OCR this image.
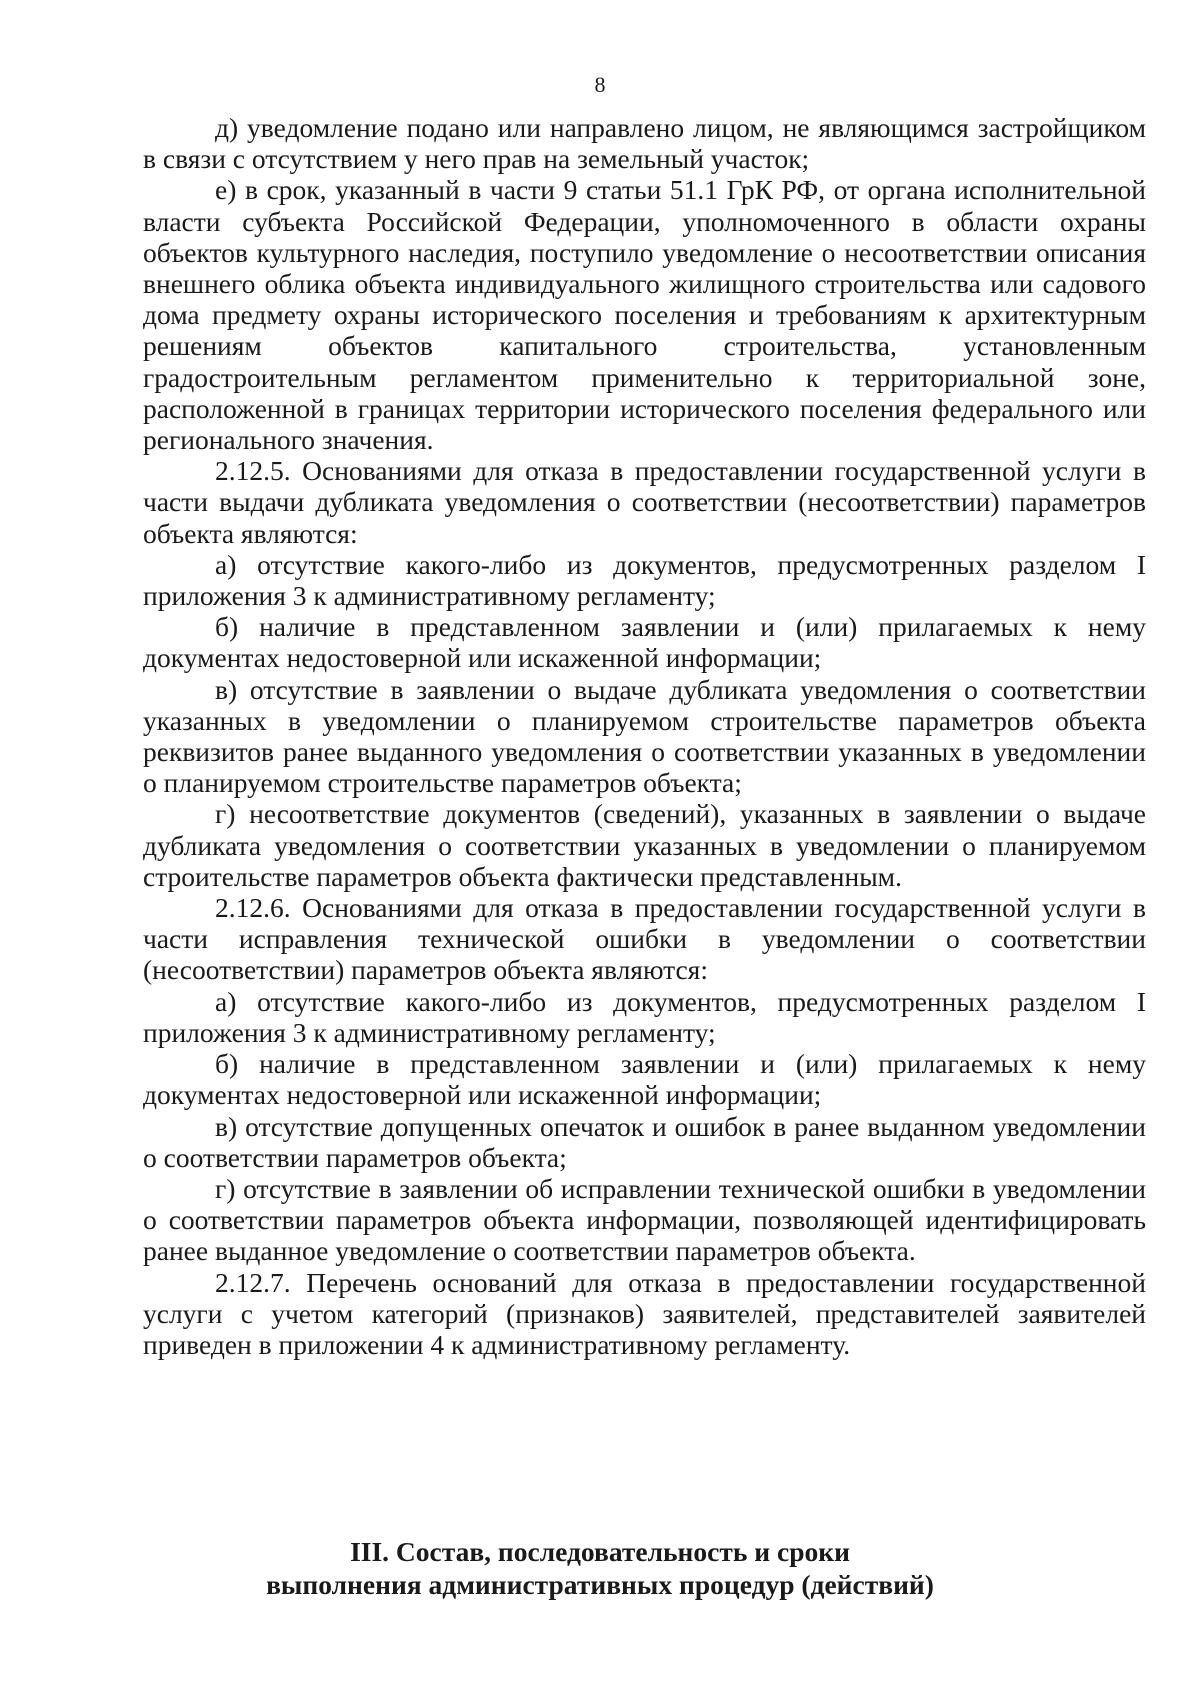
8

д) уведомление подано или направлено лицом, не являющимся застройщиком в связи с отсутствием у него прав на земельный участок;

е) в срок, указанный в части 9 статьи 51.1 ГрК РФ, от органа исполнительной власти субъекта Российской Федерации, уполномоченного в области охраны объектов культурного наследия, поступило уведомление о несоответствии описания внешнего облика объекта индивидуального жилищного строительства или садового дома предмету охраны исторического поселения и требованиям к архитектурным решениям объектов капитального строительства, установленным градостроительным регламентом применительно к территориальной зоне, расположенной в границах территории исторического поселения федерального или регионального значения.

2.12.5. Основаниями для отказа в предоставлении государственной услуги в части выдачи дубликата уведомления о соответствии (несоответствии) параметров объекта являются:

а) отсутствие какого-либо из документов, предусмотренных разделом I приложения 3 к административному регламенту;

б) наличие в представленном заявлении и (или) прилагаемых к нему документах недостоверной или искаженной информации;

в) отсутствие в заявлении о выдаче дубликата уведомления о соответствии указанных в уведомлении о планируемом строительстве параметров объекта реквизитов ранее выданного уведомления о соответствии указанных в уведомлении о планируемом строительстве параметров объекта;

г) несоответствие документов (сведений), указанных в заявлении о выдаче дубликата уведомления о соответствии указанных в уведомлении о планируемом строительстве параметров объекта фактически представленным.

2.12.6. Основаниями для отказа в предоставлении государственной услуги в части исправления технической ошибки в уведомлении о соответствии (несоответствии) параметров объекта являются:

а) отсутствие какого-либо из документов, предусмотренных разделом I приложения 3 к административному регламенту;

б) наличие в представленном заявлении и (или) прилагаемых к нему документах недостоверной или искаженной информации;

в) отсутствие допущенных опечаток и ошибок в ранее выданном уведомлении о соответствии параметров объекта;

г) отсутствие в заявлении об исправлении технической ошибки в уведомлении о соответствии параметров объекта информации, позволяющей идентифицировать ранее выданное уведомление о соответствии параметров объекта.

2.12.7. Перечень оснований для отказа в предоставлении государственной услуги с учетом категорий (признаков) заявителей, представителей заявителей приведен в приложении 4 к административному регламенту.

III. Состав, последовательность и сроки
выполнения административных процедур (действий)
